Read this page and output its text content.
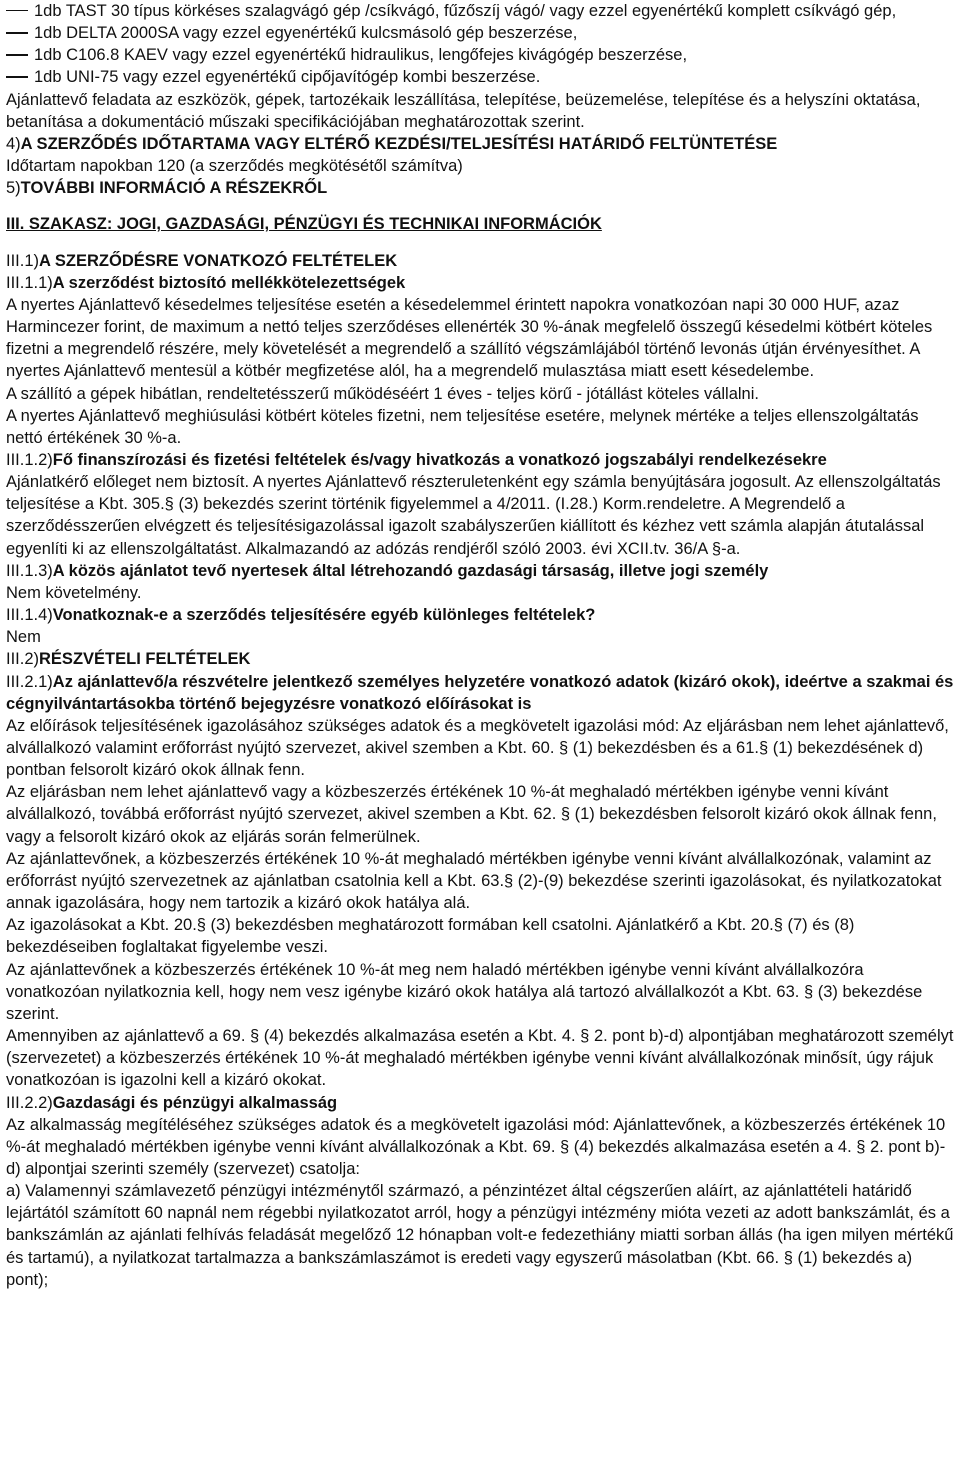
1db TAST 30 típus körkéses szalagvágó gép /csíkvágó, fűzőszíj vágó/ vagy ezzel egyenértékű komplett csíkvágó gép,

1db DELTA 2000SA vagy ezzel egyenértékű kulcsmásoló gép beszerzése,

1db C106.8 KAEV vagy ezzel egyenértékű hidraulikus, lengőfejes kivágógép beszerzése,

1db UNI-75 vagy ezzel egyenértékű cipőjavítógép kombi beszerzése.

Ajánlattevő feladata az eszközök, gépek, tartozékaik leszállítása, telepítése, beüzemelése, telepítése és a helyszíni oktatása, betanítása a dokumentáció műszaki specifikációjában meghatározottak szerint.

4)A SZERZŐDÉS IDŐTARTAMA VAGY ELTÉRŐ KEZDÉSI/TELJESÍTÉSI HATÁRIDŐ FELTÜNTETÉSE

Időtartam napokban 120 (a szerződés megkötésétől számítva)

5)TOVÁBBI INFORMÁCIÓ A RÉSZEKRŐL

III. SZAKASZ: JOGI, GAZDASÁGI, PÉNZÜGYI ÉS TECHNIKAI INFORMÁCIÓK

III.1)A SZERZŐDÉSRE VONATKOZÓ FELTÉTELEK

III.1.1)A szerződést biztosító mellékkötelezettségek

A nyertes Ajánlattevő késedelmes teljesítése esetén a késedelemmel érintett napokra vonatkozóan napi 30 000 HUF, azaz Harmincezer forint, de maximum a nettó teljes szerződéses ellenérték 30 %-ának megfelelő összegű késedelmi kötbért köteles fizetni a megrendelő részére, mely követelését a megrendelő a szállító végszámlájából történő levonás útján érvényesíthet. A nyertes Ajánlattevő mentesül a kötbér megfizetése alól, ha a megrendelő mulasztása miatt esett késedelembe.

A szállító a gépek hibátlan, rendeltetésszerű működéséért 1 éves - teljes körű - jótállást köteles vállalni.

A nyertes Ajánlattevő meghiúsulási kötbért köteles fizetni, nem teljesítése esetére, melynek mértéke a teljes ellenszolgáltatás nettó értékének 30 %-a.

III.1.2)Fő finanszírozási és fizetési feltételek és/vagy hivatkozás a vonatkozó jogszabályi rendelkezésekre

Ajánlatkérő előleget nem biztosít. A nyertes Ajánlattevő részteruletenként egy számla benyújtására jogosult. Az ellenszolgáltatás teljesítése a Kbt. 305.§ (3) bekezdés szerint történik figyelemmel a 4/2011. (I.28.) Korm.rendeletre. A Megrendelő a szerződésszerűen elvégzett és teljesítésigazolással igazolt szabályszerűen kiállított és kézhez vett számla alapján átutalással egyenlíti ki az ellenszolgáltatást. Alkalmazandó az adózás rendjéről szóló 2003. évi XCII.tv. 36/A §-a.

III.1.3)A közös ajánlatot tevő nyertesek által létrehozandó gazdasági társaság, illetve jogi személy

Nem követelmény.

III.1.4)Vonatkoznak-e a szerződés teljesítésére egyéb különleges feltételek?

Nem

III.2)RÉSZVÉTELI FELTÉTELEK

III.2.1)Az ajánlattevő/a részvételre jelentkező személyes helyzetére vonatkozó adatok (kizáró okok), ideértve a szakmai és cégnyilvántartásokba történő bejegyzésre vonatkozó előírásokat is

Az előírások teljesítésének igazolásához szükséges adatok és a megkövetelt igazolási mód: Az eljárásban nem lehet ajánlattevő, alvállalkozó valamint erőforrást nyújtó szervezet, akivel szemben a Kbt. 60. § (1) bekezdésben és a 61.§ (1) bekezdésének d) pontban felsorolt kizáró okok állnak fenn.

Az eljárásban nem lehet ajánlattevő vagy a közbeszerzés értékének 10 %-át meghaladó mértékben igénybe venni kívánt alvállalkozó, továbbá erőforrást nyújtó szervezet, akivel szemben a Kbt. 62. § (1) bekezdésben felsorolt kizáró okok állnak fenn, vagy a felsorolt kizáró okok az eljárás során felmerülnek.

Az ajánlattevőnek, a közbeszerzés értékének 10 %-át meghaladó mértékben igénybe venni kívánt alvállalkozónak, valamint az erőforrást nyújtó szervezetnek az ajánlatban csatolnia kell a Kbt. 63.§ (2)-(9) bekezdése szerinti igazolásokat, és nyilatkozatokat annak igazolására, hogy nem tartozik a kizáró okok hatálya alá.

Az igazolásokat a Kbt. 20.§ (3) bekezdésben meghatározott formában kell csatolni. Ajánlatkérő a Kbt. 20.§ (7) és (8) bekezdéseiben foglaltakat figyelembe veszi.

Az ajánlattevőnek a közbeszerzés értékének 10 %-át meg nem haladó mértékben igénybe venni kívánt alvállalkozóra vonatkozóan nyilatkoznia kell, hogy nem vesz igénybe kizáró okok hatálya alá tartozó alvállalkozót a Kbt. 63. § (3) bekezdése szerint.

Amennyiben az ajánlattevő a 69. § (4) bekezdés alkalmazása esetén a Kbt. 4. § 2. pont b)-d) alpontjában meghatározott személyt (szervezetet) a közbeszerzés értékének 10 %-át meghaladó mértékben igénybe venni kívánt alvállalkozónak minősít, úgy rájuk vonatkozóan is igazolni kell a kizáró okokat.

III.2.2)Gazdasági és pénzügyi alkalmasság

Az alkalmasság megítéléséhez szükséges adatok és a megkövetelt igazolási mód: Ajánlattevőnek, a közbeszerzés értékének 10 %-át meghaladó mértékben igénybe venni kívánt alvállalkozónak a Kbt. 69. § (4) bekezdés alkalmazása esetén a 4. § 2. pont b)-d) alpontjai szerinti személy (szervezet) csatolja:

a) Valamennyi számlavezető pénzügyi intézménytől származó, a pénzintézet által cégszerűen aláírt, az ajánlattételi határidő lejártától számított 60 napnál nem régebbi nyilatkozatot arról, hogy a pénzügyi intézmény mióta vezeti az adott bankszámlát, és a bankszámlán az ajánlati felhívás feladását megelőző 12 hónapban volt-e fedezethiány miatti sorban állás (ha igen milyen mértékű és tartamú), a nyilatkozat tartalmazza a bankszámlaszámot is eredeti vagy egyszerű másolatban (Kbt. 66. § (1) bekezdés a) pont);
